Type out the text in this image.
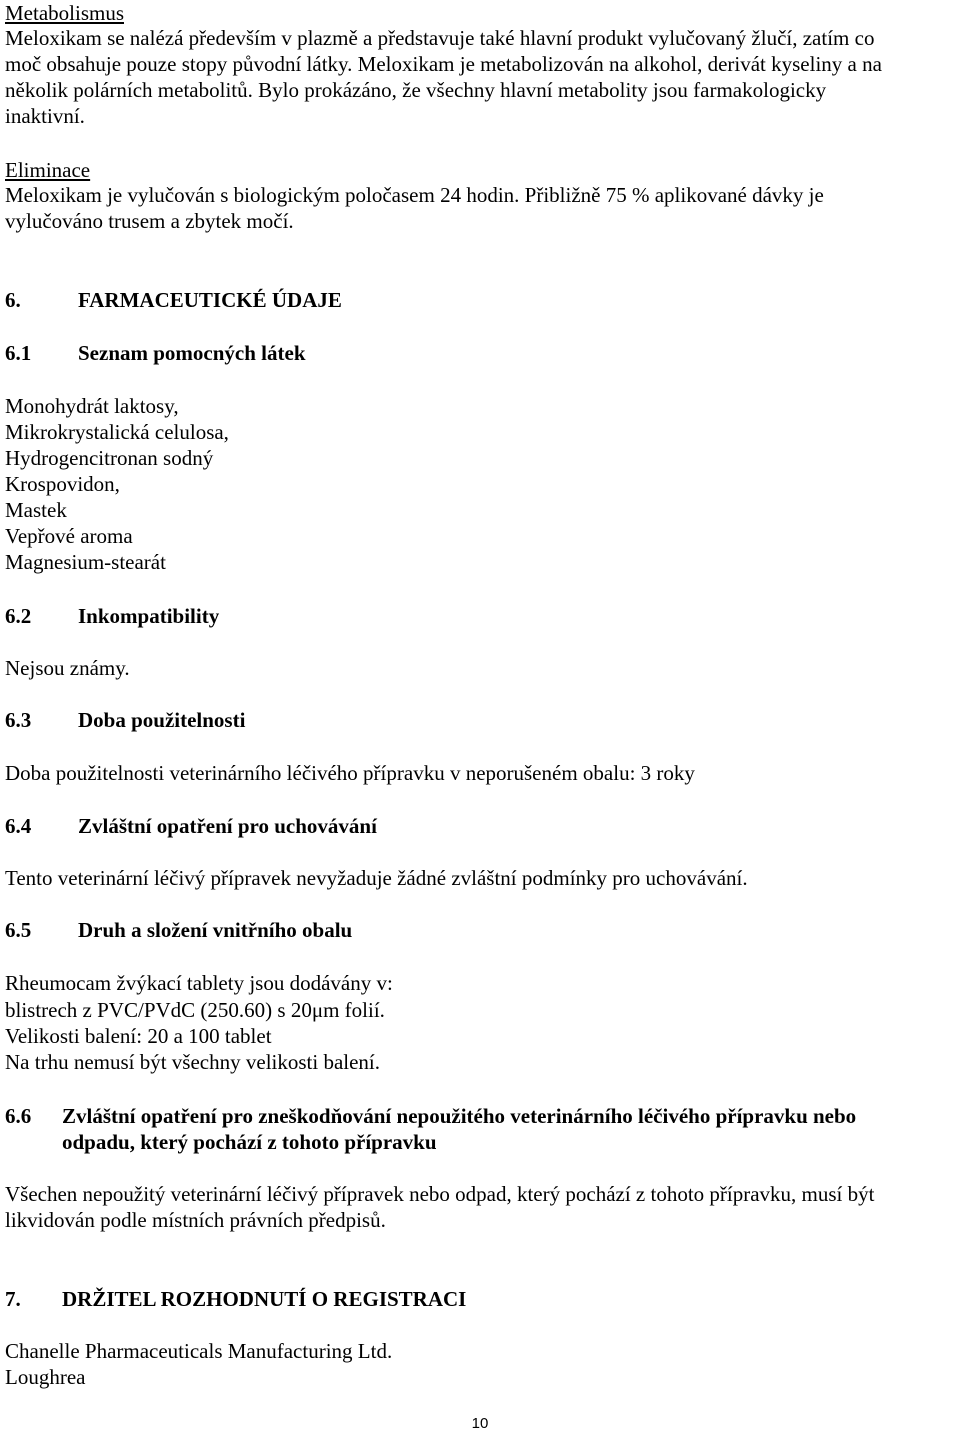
Metabolismus
Meloxikam se nalézá především v plazmě a představuje také hlavní produkt vylučovaný žlučí, zatím co
moč obsahuje pouze stopy původní látky. Meloxikam je metabolizován na alkohol, derivát kyseliny a na
několik polárních metabolitů. Bylo prokázáno, že všechny hlavní metabolity jsou farmakologicky
inaktivní.
Eliminace
Meloxikam je vylučován s biologickým poločasem 24 hodin. Přibližně 75 % aplikované dávky je
vylučováno trusem a zbytek močí.
6.	FARMACEUTICKÉ ÚDAJE
6.1 Seznam pomocných látek
Monohydrát laktosy,
Mikrokrystalická celulosa,
Hydrogencitronan sodný
Krospovidon,
Mastek
Vepřové aroma
Magnesium-stearát
6.2 Inkompatibility
Nejsou známy.
6.3 Doba použitelnosti
Doba použitelnosti veterinárního léčivého přípravku v neporušeném obalu: 3 roky
6.4 Zvláštní opatření pro uchovávání
Tento veterinární léčivý přípravek nevyžaduje žádné zvláštní podmínky pro uchovávání.
6.5 Druh a složení vnitřního obalu
Rheumocam žvýkací tablety jsou dodávány v:
blistrech z PVC/PVdC (250.60) s 20μm folií.
Velikosti balení: 20 a 100 tablet
Na trhu nemusí být všechny velikosti balení.
6.6 Zvláštní opatření pro zneškodňování nepoužitého veterinárního léčivého přípravku nebo
odpadu, který pochází z tohoto přípravku
Všechen nepoužitý veterinární léčivý přípravek nebo odpad, který pochází z tohoto přípravku, musí být
likvidován podle místních právních předpisů.
7. DRŽITEL ROZHODNUTÍ O REGISTRACI
Chanelle Pharmaceuticals Manufacturing Ltd.
Loughrea
10
